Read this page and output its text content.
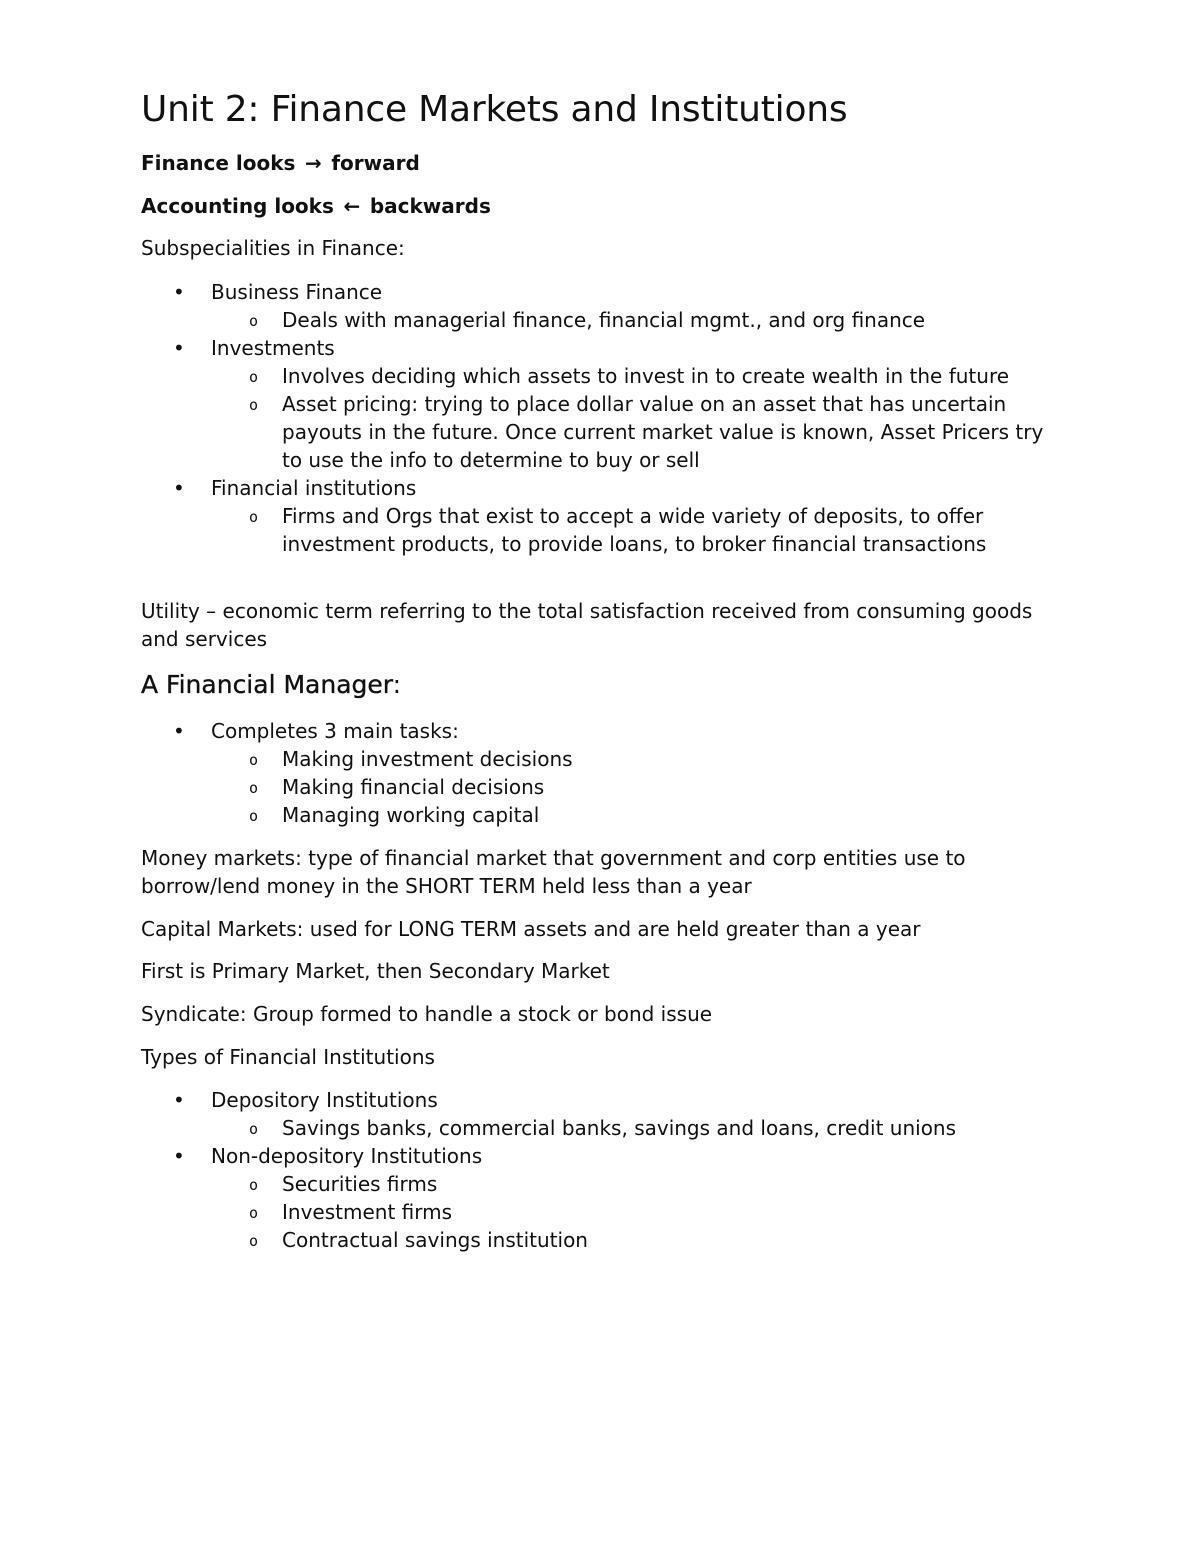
Unit 2: Finance Markets and Institutions

Finance looks → forward

Accounting looks ← backwards

Subspecialities in Finance:

• Business Finance
o Deals with managerial finance, financial mgmt., and org finance
• Investments
o Involves deciding which assets to invest in to create wealth in the future
o Asset pricing: trying to place dollar value on an asset that has uncertain payouts in the future. Once current market value is known, Asset Pricers try to use the info to determine to buy or sell
• Financial institutions
o Firms and Orgs that exist to accept a wide variety of deposits, to offer investment products, to provide loans, to broker financial transactions

Utility – economic term referring to the total satisfaction received from consuming goods and services

A Financial Manager:
• Completes 3 main tasks:
o Making investment decisions
o Making financial decisions
o Managing working capital

Money markets: type of financial market that government and corp entities use to borrow/lend money in the SHORT TERM held less than a year

Capital Markets: used for LONG TERM assets and are held greater than a year

First is Primary Market, then Secondary Market

Syndicate: Group formed to handle a stock or bond issue

Types of Financial Institutions

• Depository Institutions
o Savings banks, commercial banks, savings and loans, credit unions
• Non-depository Institutions
o Securities firms
o Investment firms
o Contractual savings institution
